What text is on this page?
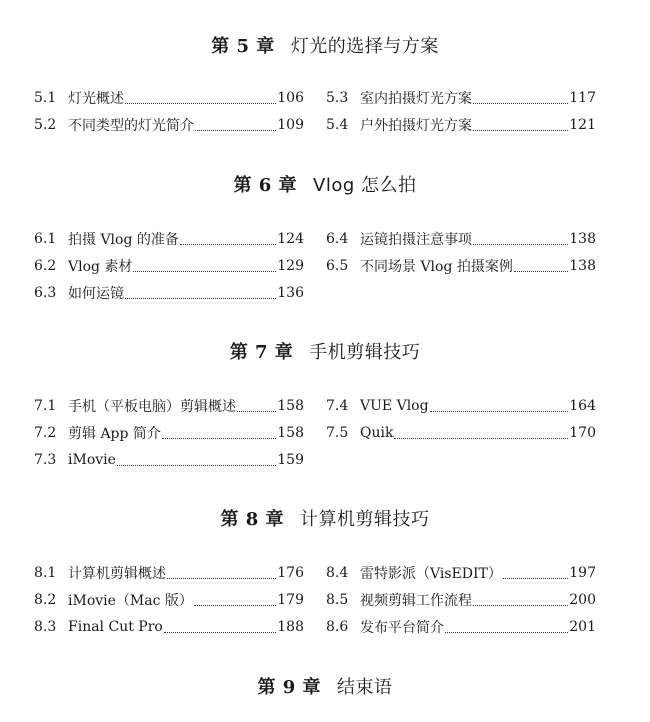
第 5 章 灯光的选择与方案
5.1 灯光概述	106
5.2 不同类型的灯光简介	109
5.3 室内拍摄灯光方案	117
5.4 户外拍摄灯光方案	121
第 6 章 Vlog 怎么拍
6.1 拍摄 Vlog 的准备	124
6.2 Vlog 素材	129
6.3 如何运镜	136
6.4 运镜拍摄注意事项	138
6.5 不同场景 Vlog 拍摄案例	138
第 7 章 手机剪辑技巧
7.1 手机（平板电脑）剪辑概述	158
7.2 剪辑 App 简介	158
7.3 iMovie	159
7.4 VUE Vlog	164
7.5 Quik	170
第 8 章 计算机剪辑技巧
8.1 计算机剪辑概述	176
8.2 iMovie（Mac 版）	179
8.3 Final Cut Pro	188
8.4 雷特影派（VisEDIT）	197
8.5 视频剪辑工作流程	200
8.6 发布平台简介	201
第 9 章 结束语
